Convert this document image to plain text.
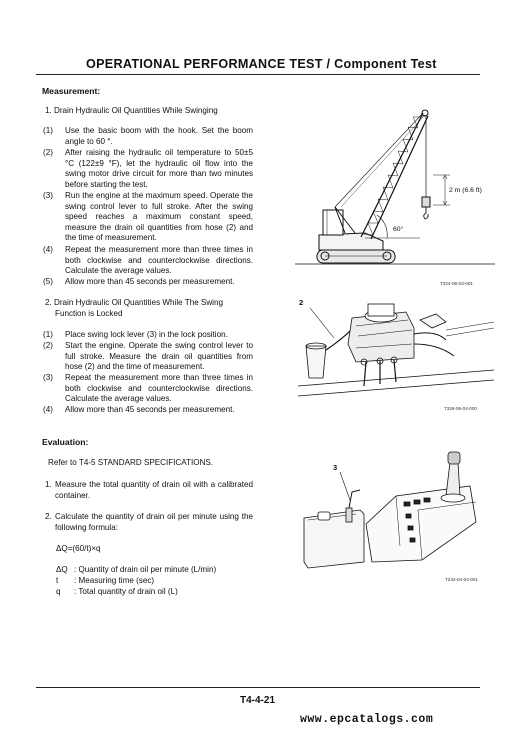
OPERATIONAL PERFORMANCE TEST / Component Test
Measurement:
1. Drain Hydraulic Oil Quantities While Swinging
(1) Use the basic boom with the hook. Set the boom angle to 60 °.
(2) After raising the hydraulic oil temperature to 50±5 °C (122±9 °F), let the hydraulic oil flow into the swing motor drive circuit for more than two minutes before starting the test.
(3) Run the engine at the maximum speed. Operate the swing control lever to full stroke. After the swing speed reaches a maximum constant speed, measure the drain oil quantities from hose (2) and the time of measurement.
(4) Repeat the measurement more than three times in both clockwise and counterclockwise directions. Calculate the average values.
(5) Allow more than 45 seconds per measurement.
2. Drain Hydraulic Oil Quantities While The Swing
Function is Locked
(1) Place swing lock lever (3) in the lock position.
(2) Start the engine. Operate the swing control lever to full stroke. Measure the drain oil quantities from hose (2) and the time of measurement.
(3) Repeat the measurement more than three times in both clockwise and counterclockwise directions. Calculate the average values.
(4) Allow more than 45 seconds per measurement.
Evaluation:
Refer to T4-5 STANDARD SPECIFICATIONS.
1. Measure the total quantity of drain oil with a calibrated container.
2. Calculate the quantity of drain oil per minute using the following formula:
ΔQ=(60/t)×q
ΔQ : Quantity of drain oil per minute (L/min)
t : Measuring time (sec)
q : Total quantity of drain oil (L)
2 m (6.6 ft)
60°
T324-06-03-001
2
T326-06-04-000
3
T234-04-04-001
T4-4-21
www.epcatalogs.com
